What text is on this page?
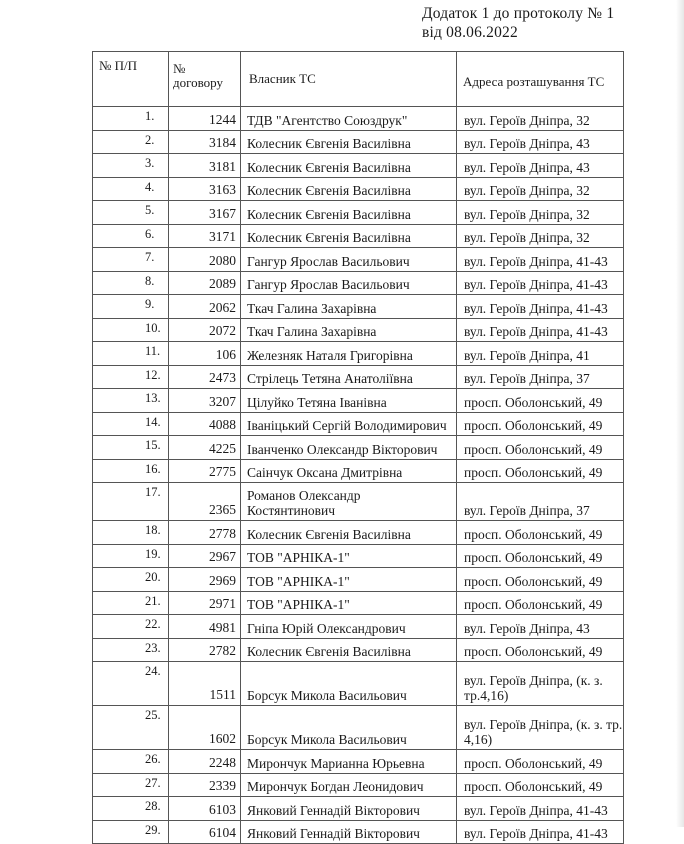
Додаток 1 до протоколу № 1
від 08.06.2022
№ П/П	№
договору	Власник ТС	Адреса розташування ТС

1.	1244	ТДВ "Агентство Союздрук"	вул. Героїв Дніпра, 32

2.	3184	Колесник Євгенія Василівна	вул. Героїв Дніпра, 43

3.	3181	Колесник Євгенія Василівна	вул. Героїв Дніпра, 43

4.	3163	Колесник Євгенія Василівна	вул. Героїв Дніпра, 32

5.	3167	Колесник Євгенія Василівна	вул. Героїв Дніпра, 32

6.	3171	Колесник Євгенія Василівна	вул. Героїв Дніпра, 32

7.	2080	Гангур Ярослав Васильович	вул. Героїв Дніпра, 41-43

8.	2089	Гангур Ярослав Васильович	вул. Героїв Дніпра, 41-43

9.	2062	Ткач Галина Захарівна	вул. Героїв Дніпра, 41-43

10.	2072	Ткач Галина Захарівна	вул. Героїв Дніпра, 41-43

11.	106	Железняк Наталя Григорівна	вул. Героїв Дніпра, 41

12.	2473	Стрілець Тетяна Анатоліївна	вул. Героїв Дніпра, 37

13.	3207	Цілуйко Тетяна Іванівна	просп. Оболонський, 49

14.	4088	Іваніцький Сергій Володимирович	просп. Оболонський, 49

15.	4225	Іванченко Олександр Вікторович	просп. Оболонський, 49

16.	2775	Саінчук Оксана Дмитрівна	просп. Оболонський, 49

17.	2365	Романов Олександр
Костянтинович	вул. Героїв Дніпра, 37

18.	2778	Колесник Євгенія Василівна	просп. Оболонський, 49

19.	2967	ТОВ "АРНІКА-1"	просп. Оболонський, 49

20.	2969	ТОВ "АРНІКА-1"	просп. Оболонський, 49

21.	2971	ТОВ "АРНІКА-1"	просп. Оболонський, 49

22.	4981	Гніпа Юрій Олександрович	вул. Героїв Дніпра, 43

23.	2782	Колесник Євгенія Василівна	просп. Оболонський, 49

24.	1511	Борсук Микола Васильович	вул. Героїв Дніпра, (к. з.
тр.4,16)

25.	1602	Борсук Микола Васильович	вул. Героїв Дніпра, (к. з. тр.
4,16)

26.	2248	Мирончук Марианна Юрьевна	просп. Оболонський, 49

27.	2339	Мирончук Богдан Леонидович	просп. Оболонський, 49

28.	6103	Янковий Геннадій Вікторович	вул. Героїв Дніпра, 41-43

29.	6104	Янковий Геннадій Вікторович	вул. Героїв Дніпра, 41-43
